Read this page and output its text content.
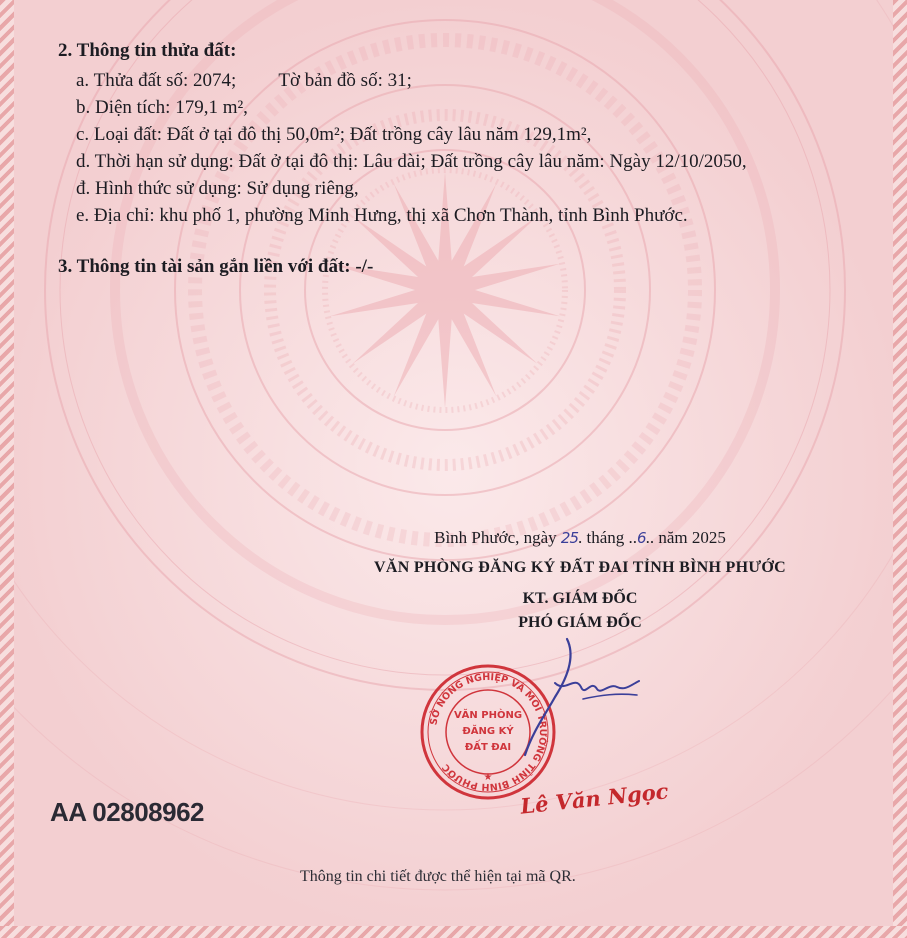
2. Thông tin thửa đất:
a. Thửa đất số: 2074; Tờ bản đồ số: 31;
b. Diện tích: 179,1 m²,
c. Loại đất: Đất ở tại đô thị 50,0m²; Đất trồng cây lâu năm 129,1m²,
d. Thời hạn sử dụng: Đất ở tại đô thị: Lâu dài; Đất trồng cây lâu năm: Ngày 12/10/2050,
đ. Hình thức sử dụng: Sử dụng riêng,
e. Địa chỉ: khu phố 1, phường Minh Hưng, thị xã Chơn Thành, tỉnh Bình Phước.
3. Thông tin tài sản gắn liền với đất: -/-
Bình Phước, ngày 25. tháng ..6.. năm 2025
VĂN PHÒNG ĐĂNG KÝ ĐẤT ĐAI TỈNH BÌNH PHƯỚC
KT. GIÁM ĐỐC
PHÓ GIÁM ĐỐC
SỞ NÔNG NGHIỆP VÀ MÔI TRƯỜNG TỈNH BÌNH PHƯỚC
VĂN PHÒNG
ĐĂNG KÝ
ĐẤT ĐAI
★
Lê Văn Ngọc
AA 02808962
Thông tin chi tiết được thể hiện tại mã QR.
